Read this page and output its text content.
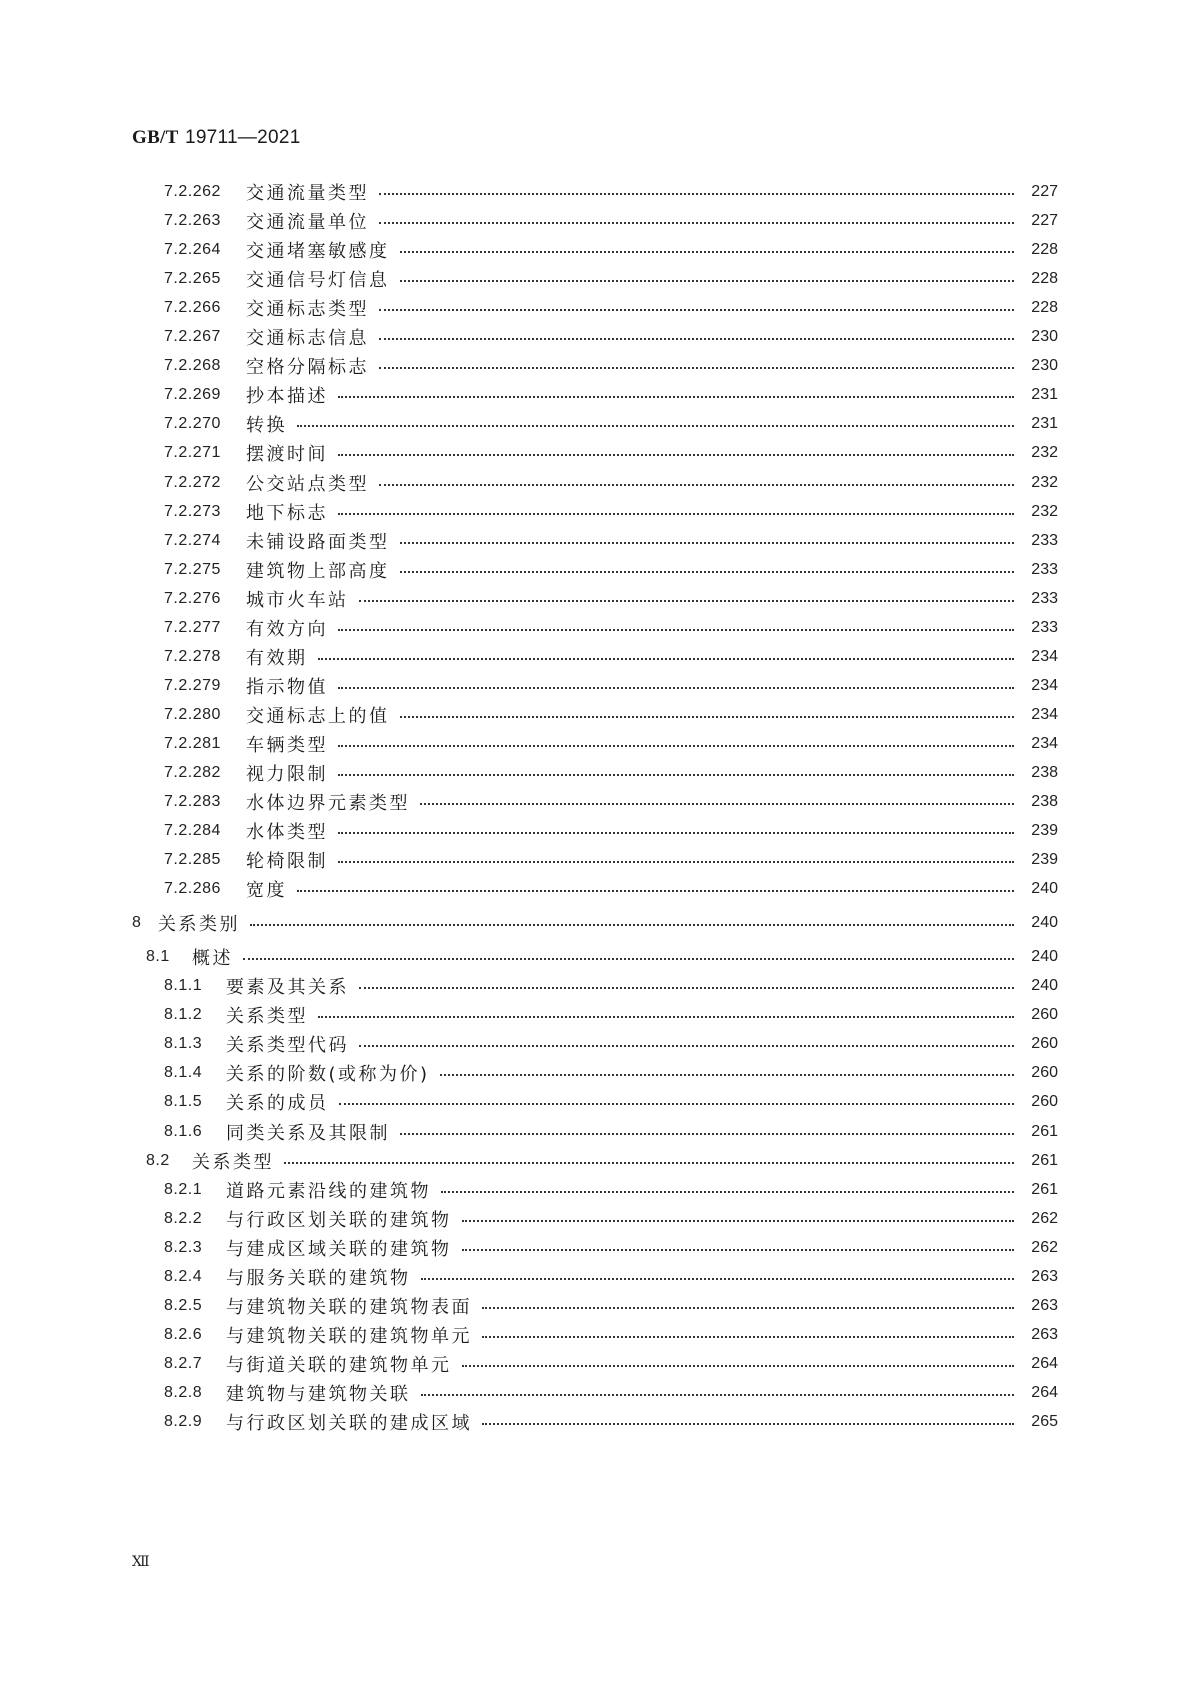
GB/T 19711—2021
7.2.262	交通流量类型	227
7.2.263	交通流量单位	227
7.2.264	交通堵塞敏感度	228
7.2.265	交通信号灯信息	228
7.2.266	交通标志类型	228
7.2.267	交通标志信息	230
7.2.268	空格分隔标志	230
7.2.269	抄本描述	231
7.2.270	转换	231
7.2.271	摆渡时间	232
7.2.272	公交站点类型	232
7.2.273	地下标志	232
7.2.274	未铺设路面类型	233
7.2.275	建筑物上部高度	233
7.2.276	城市火车站	233
7.2.277	有效方向	233
7.2.278	有效期	234
7.2.279	指示物值	234
7.2.280	交通标志上的值	234
7.2.281	车辆类型	234
7.2.282	视力限制	238
7.2.283	水体边界元素类型	238
7.2.284	水体类型	239
7.2.285	轮椅限制	239
7.2.286	宽度	240
8 关系类别	240
8.1	概述	240
8.1.1	要素及其关系	240
8.1.2	关系类型	260
8.1.3	关系类型代码	260
8.1.4	关系的阶数(或称为价)	260
8.1.5	关系的成员	260
8.1.6	同类关系及其限制	261
8.2	关系类型	261
8.2.1	道路元素沿线的建筑物	261
8.2.2	与行政区划关联的建筑物	262
8.2.3	与建成区域关联的建筑物	262
8.2.4	与服务关联的建筑物	263
8.2.5	与建筑物关联的建筑物表面	263
8.2.6	与建筑物关联的建筑物单元	263
8.2.7	与街道关联的建筑物单元	264
8.2.8	建筑物与建筑物关联	264
8.2.9	与行政区划关联的建成区域	265
Ⅻ
